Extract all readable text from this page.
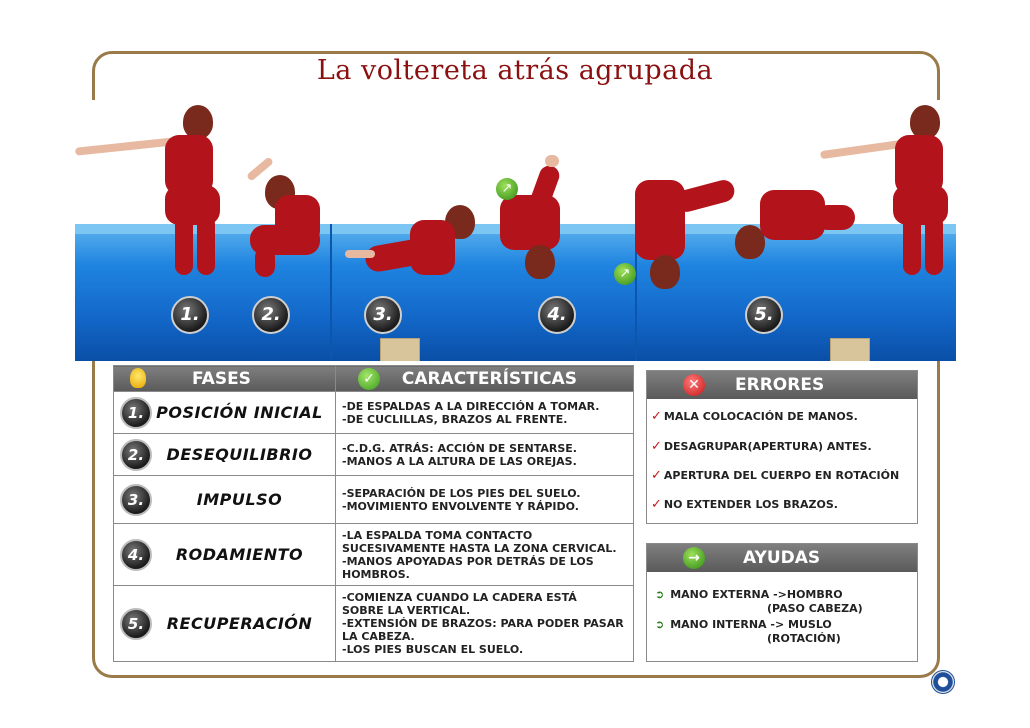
La voltereta atrás agrupada
↗
↗
1.	2.	3.	4.	5.
FASES	✓ CARACTERÍSTICAS

1. POSICIÓN INICIAL	-DE ESPALDAS A LA DIRECCIÓN A TOMAR.
-DE CUCLILLAS, BRAZOS AL FRENTE.

2. DESEQUILIBRIO	-C.D.G. ATRÁS: ACCIÓN DE SENTARSE.
-MANOS A LA ALTURA DE LAS OREJAS.

3. IMPULSO	-SEPARACIÓN DE LOS PIES DEL SUELO.
-MOVIMIENTO ENVOLVENTE Y RÁPIDO.

4. RODAMIENTO	-LA ESPALDA TOMA CONTACTO
SUCESIVAMENTE HASTA LA ZONA CERVICAL.
-MANOS APOYADAS POR DETRÁS DE LOS
HOMBROS.

5. RECUPERACIÓN	-COMIENZA CUANDO LA CADERA ESTÁ
SOBRE LA VERTICAL.
-EXTENSIÓN DE BRAZOS: PARA PODER PASAR
LA CABEZA.
-LOS PIES BUSCAN EL SUELO.
✕	ERRORES
✓ MALA COLOCACIÓN DE MANOS.
✓ DESAGRUPAR(APERTURA) ANTES.
✓ APERTURA DEL CUERPO EN ROTACIÓN
✓ NO EXTENDER LOS BRAZOS.
→	AYUDAS
➲ MANO EXTERNA ->HOMBRO
(PASO CABEZA)
➲ MANO INTERNA -> MUSLO
(ROTACIÓN)
